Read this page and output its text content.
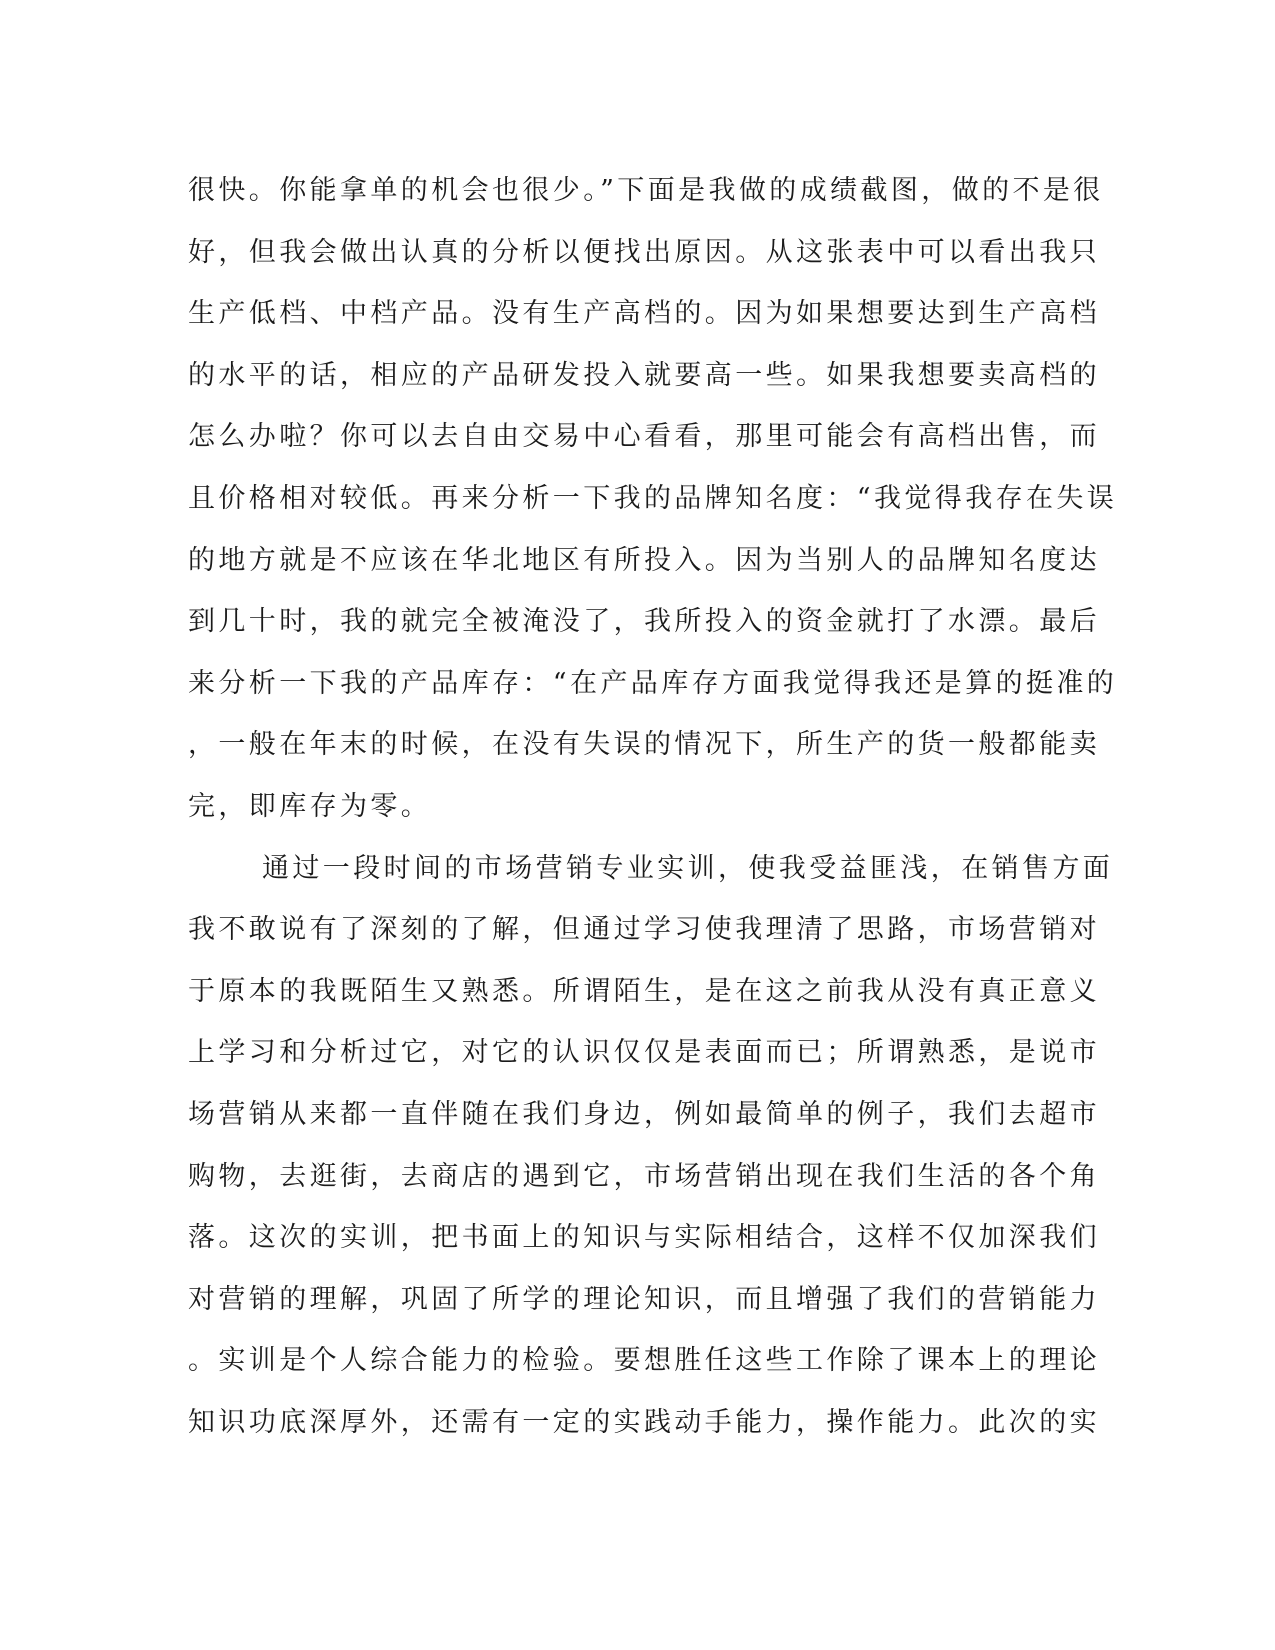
很快。你能拿单的机会也很少。”下面是我做的成绩截图，做的不是很
好，但我会做出认真的分析以便找出原因。从这张表中可以看出我只
生产低档、中档产品。没有生产高档的。因为如果想要达到生产高档
的水平的话，相应的产品研发投入就要高一些。如果我想要卖高档的
怎么办啦？你可以去自由交易中心看看，那里可能会有高档出售，而
且价格相对较低。再来分析一下我的品牌知名度：“我觉得我存在失误
的地方就是不应该在华北地区有所投入。因为当别人的品牌知名度达
到几十时，我的就完全被淹没了，我所投入的资金就打了水漂。最后
来分析一下我的产品库存：“在产品库存方面我觉得我还是算的挺准的
，一般在年末的时候，在没有失误的情况下，所生产的货一般都能卖
完，即库存为零。
通过一段时间的市场营销专业实训，使我受益匪浅，在销售方面
我不敢说有了深刻的了解，但通过学习使我理清了思路，市场营销对
于原本的我既陌生又熟悉。所谓陌生，是在这之前我从没有真正意义
上学习和分析过它，对它的认识仅仅是表面而已；所谓熟悉，是说市
场营销从来都一直伴随在我们身边，例如最简单的例子，我们去超市
购物，去逛街，去商店的遇到它，市场营销出现在我们生活的各个角
落。这次的实训，把书面上的知识与实际相结合，这样不仅加深我们
对营销的理解，巩固了所学的理论知识，而且增强了我们的营销能力
。实训是个人综合能力的检验。要想胜任这些工作除了课本上的理论
知识功底深厚外，还需有一定的实践动手能力，操作能力。此次的实
